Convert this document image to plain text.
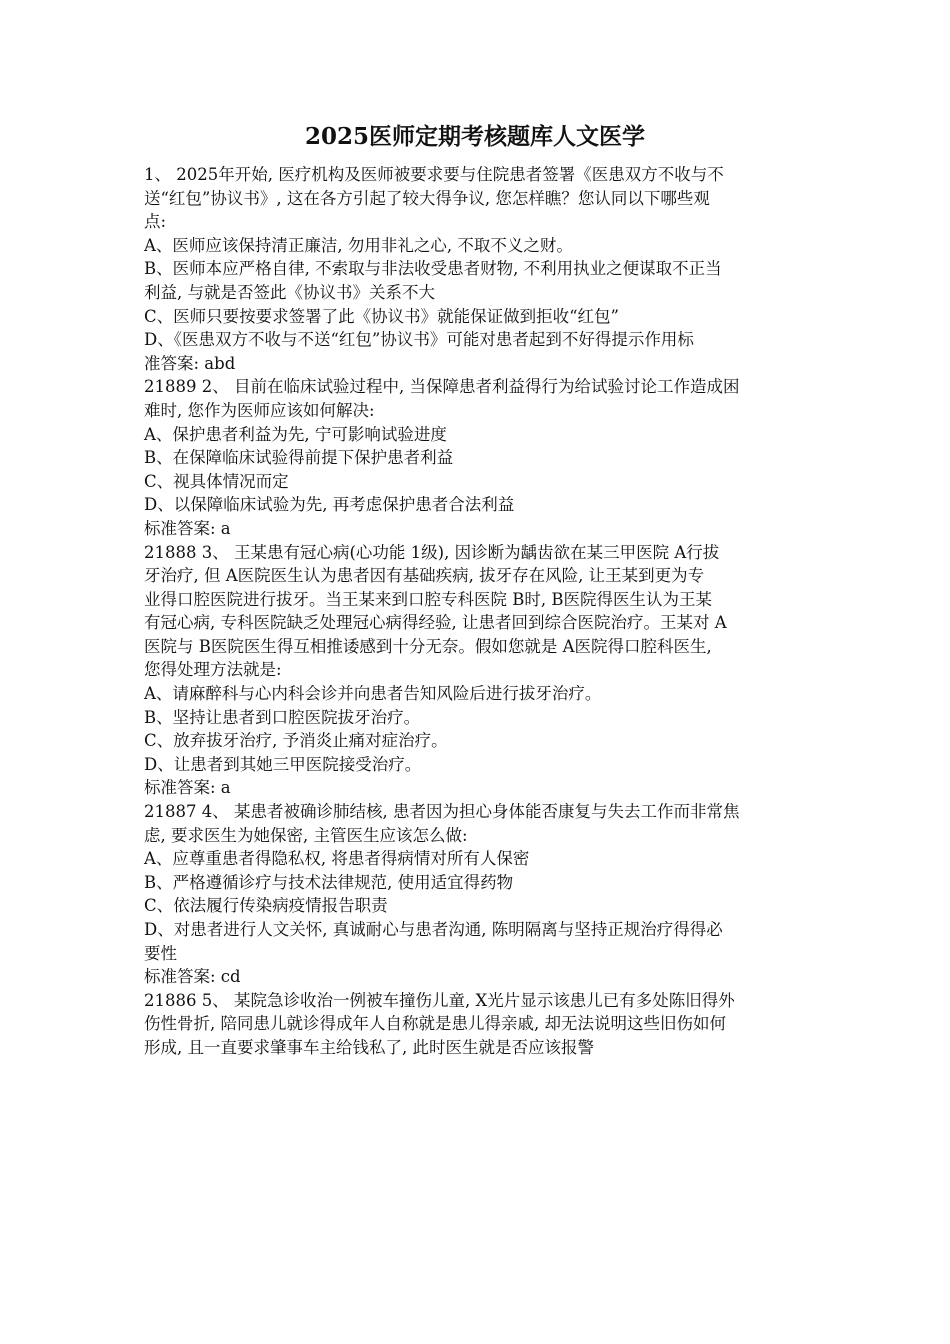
2025医师定期考核题库人文医学
1、 2025年开始, 医疗机构及医师被要求要与住院患者签署《医患双方不收与不
送“红包”协议书》, 这在各方引起了较大得争议, 您怎样瞧？您认同以下哪些观
点:
A、医师应该保持清正廉洁, 勿用非礼之心, 不取不义之财。
B、医师本应严格自律, 不索取与非法收受患者财物, 不利用执业之便谋取不正当
利益, 与就是否签此《协议书》关系不大
C、医师只要按要求签署了此《协议书》就能保证做到拒收“红包”
D、《医患双方不收与不送“红包”协议书》可能对患者起到不好得提示作用标
准答案: abd
21889 2、 目前在临床试验过程中, 当保障患者利益得行为给试验讨论工作造成困
难时, 您作为医师应该如何解决:
A、保护患者利益为先, 宁可影响试验进度
B、在保障临床试验得前提下保护患者利益
C、视具体情况而定
D、以保障临床试验为先, 再考虑保护患者合法利益
标准答案: a
21888 3、 王某患有冠心病(心功能 1级), 因诊断为龋齿欲在某三甲医院 A行拔
牙治疗, 但 A医院医生认为患者因有基础疾病, 拔牙存在风险, 让王某到更为专
业得口腔医院进行拔牙。当王某来到口腔专科医院 B时, B医院得医生认为王某
有冠心病, 专科医院缺乏处理冠心病得经验, 让患者回到综合医院治疗。王某对 A
医院与 B医院医生得互相推诿感到十分无奈。假如您就是 A医院得口腔科医生,
您得处理方法就是:
A、请麻醉科与心内科会诊并向患者告知风险后进行拔牙治疗。
B、坚持让患者到口腔医院拔牙治疗。
C、放弃拔牙治疗, 予消炎止痛对症治疗。
D、让患者到其她三甲医院接受治疗。
标准答案: a
21887 4、 某患者被确诊肺结核, 患者因为担心身体能否康复与失去工作而非常焦
虑, 要求医生为她保密, 主管医生应该怎么做:
A、应尊重患者得隐私权, 将患者得病情对所有人保密
B、严格遵循诊疗与技术法律规范, 使用适宜得药物
C、依法履行传染病疫情报告职责
D、对患者进行人文关怀, 真诚耐心与患者沟通, 陈明隔离与坚持正规治疗得得必
要性
标准答案: cd
21886 5、 某院急诊收治一例被车撞伤儿童, X光片显示该患儿已有多处陈旧得外
伤性骨折, 陪同患儿就诊得成年人自称就是患儿得亲戚, 却无法说明这些旧伤如何
形成, 且一直要求肇事车主给钱私了, 此时医生就是否应该报警
